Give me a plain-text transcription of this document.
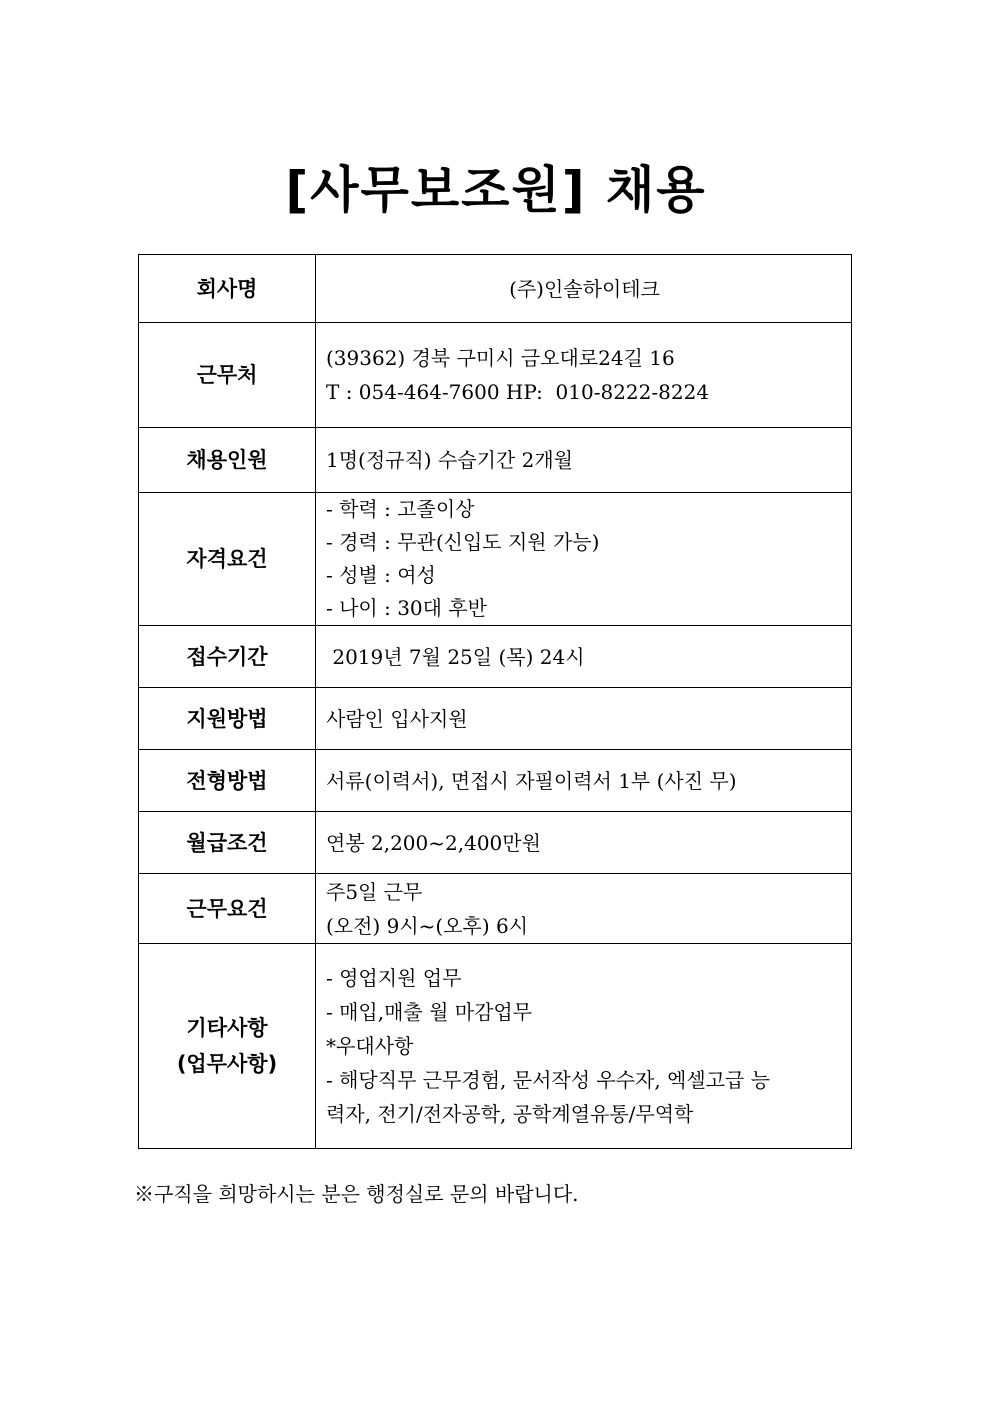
[사무보조원] 채용
회사명	(주)인솔하이테크

근무처	(39362) 경북 구미시 금오대로24길 16
T : 054-464-7600 HP:  010-8222-8224

채용인원	1명(정규직) 수습기간 2개월

자격요건	- 학력 : 고졸이상
- 경력 : 무관(신입도 지원 가능)
- 성별 : 여성
- 나이 : 30대 후반

접수기간	2019년 7월 25일 (목) 24시

지원방법	사람인 입사지원

전형방법	서류(이력서), 면접시 자필이력서 1부 (사진 무)

월급조건	연봉 2,200~2,400만원

근무요건	주5일 근무
(오전) 9시~(오후) 6시

기타사항
(업무사항)	- 영업지원 업무
- 매입,매출 월 마감업무
*우대사항
- 해당직무 근무경험, 문서작성 우수자, 엑셀고급 능
력자, 전기/전자공학, 공학계열유통/무역학
※구직을 희망하시는 분은 행정실로 문의 바랍니다.
